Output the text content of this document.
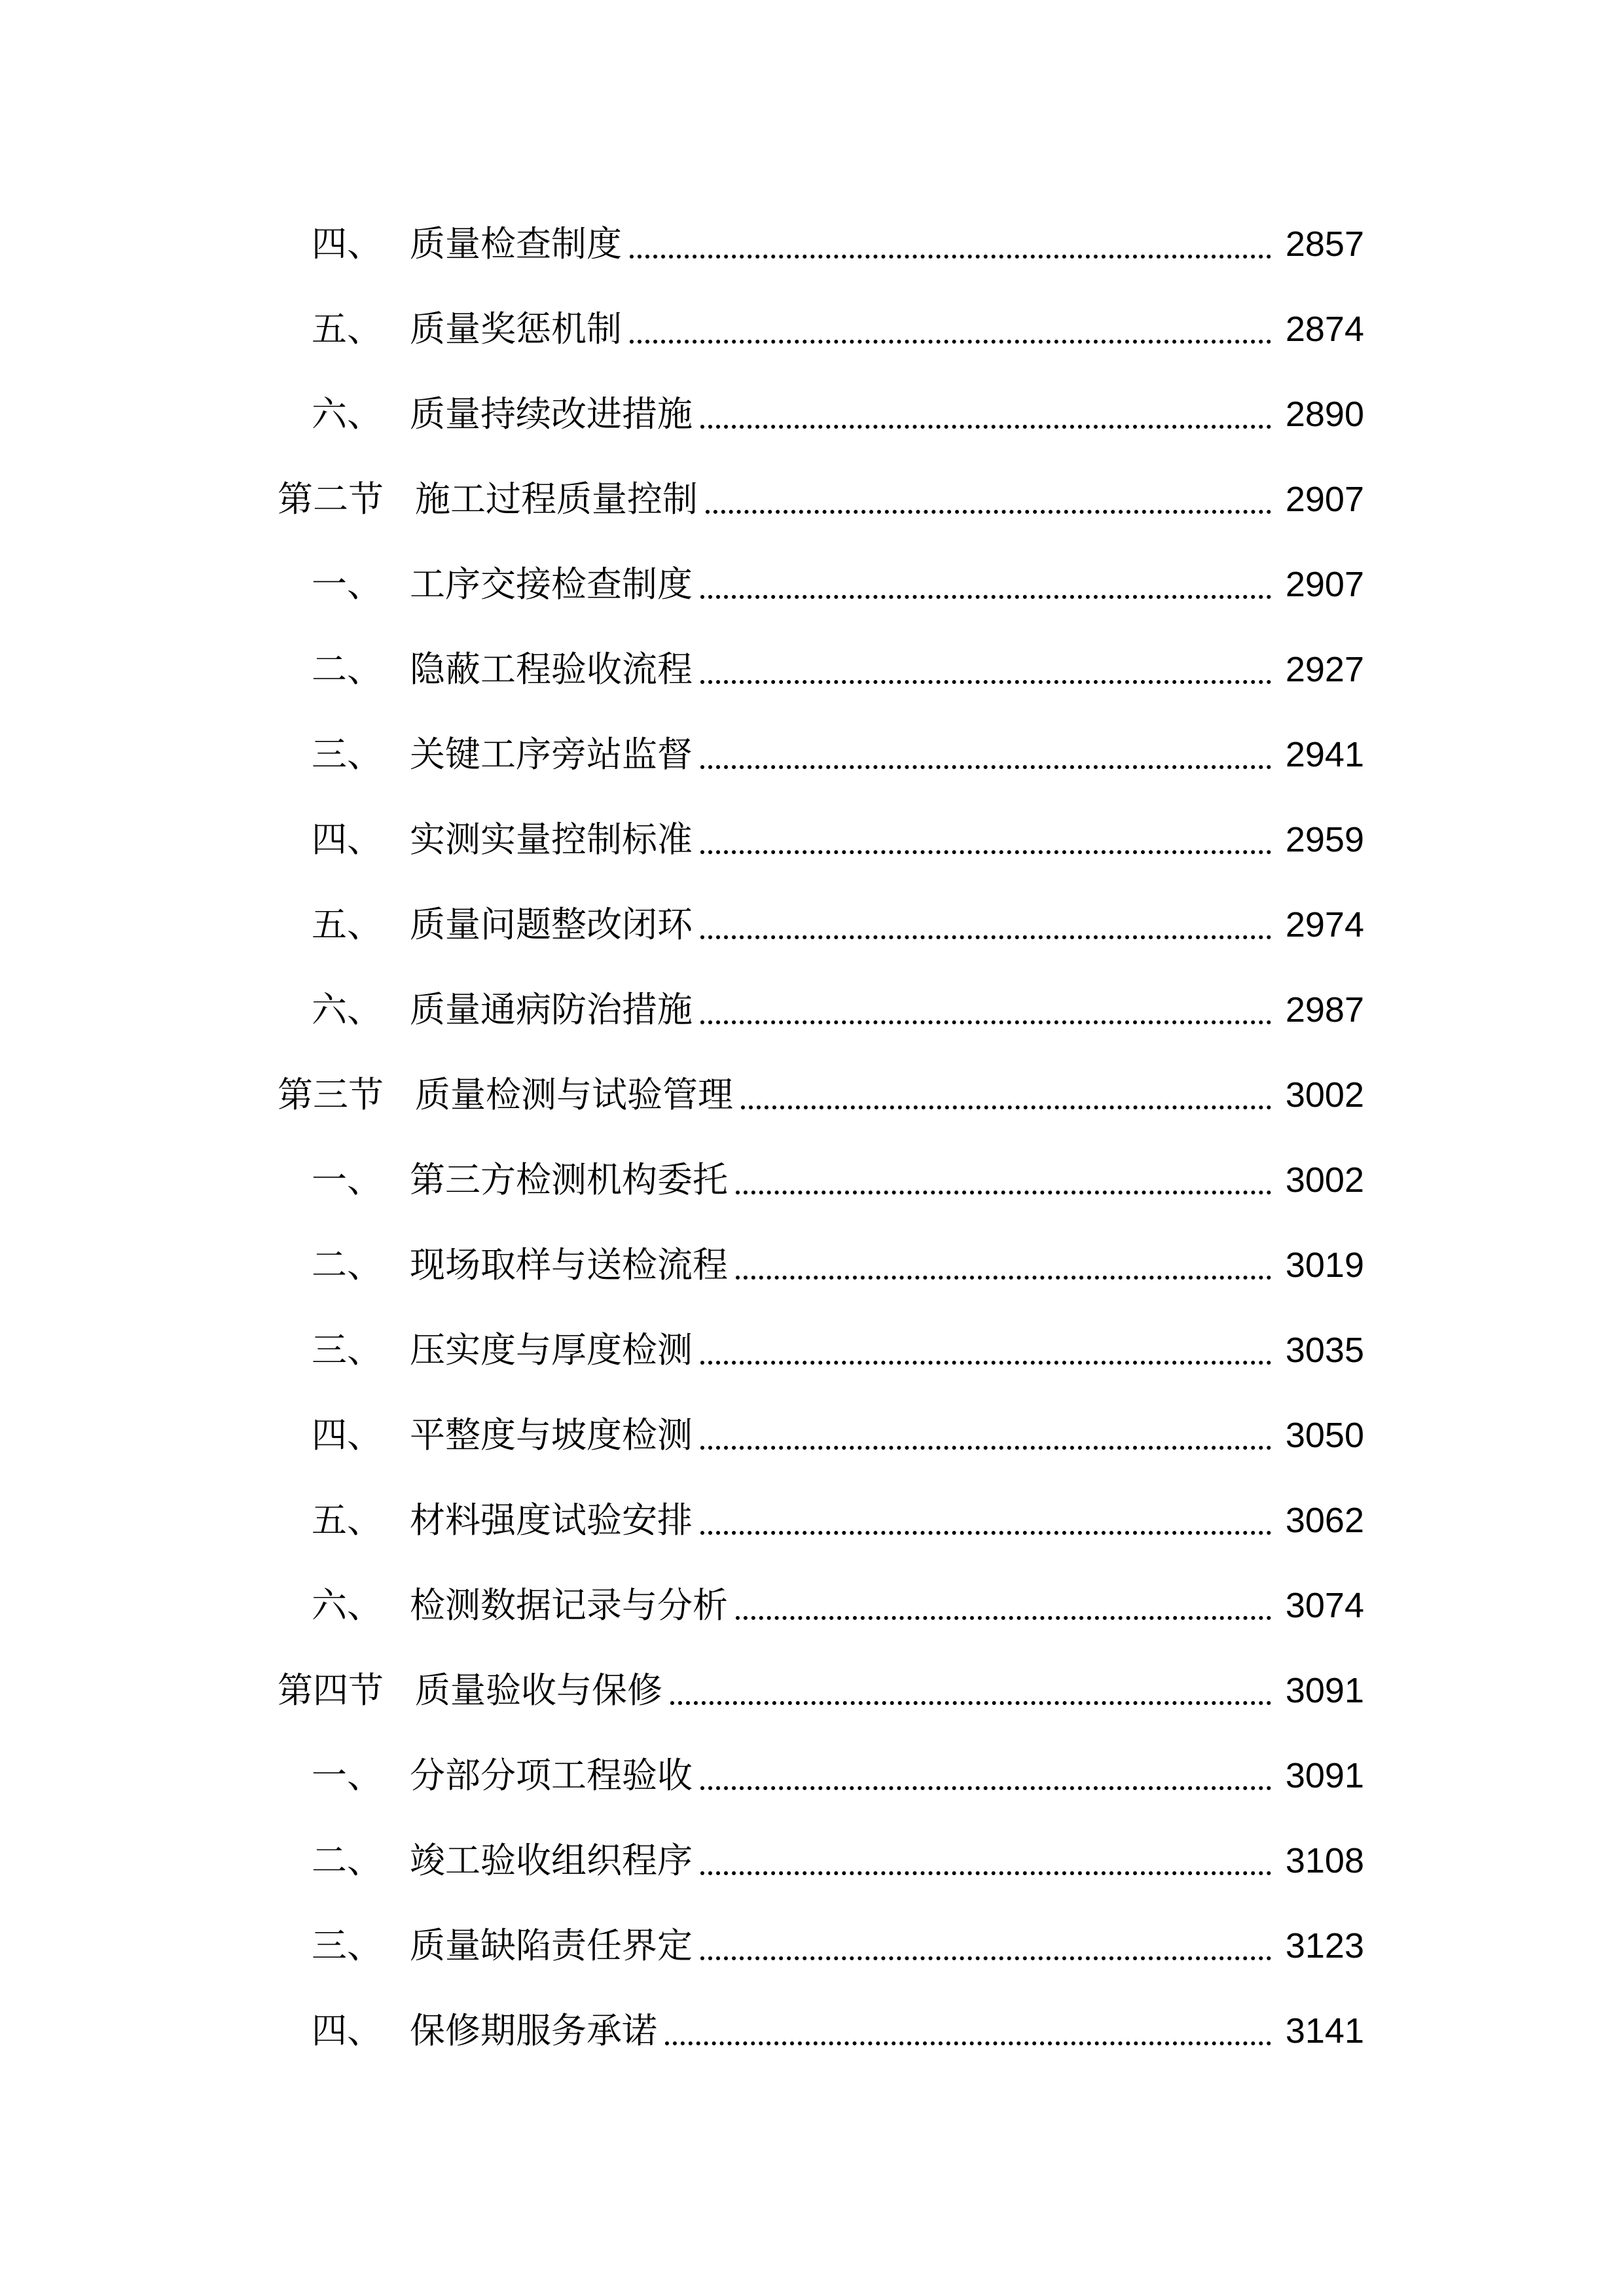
四、 质量检查制度	2857
五、 质量奖惩机制	2874
六、 质量持续改进措施	2890
第二节 施工过程质量控制	2907
一、 工序交接检查制度	2907
二、 隐蔽工程验收流程	2927
三、 关键工序旁站监督	2941
四、 实测实量控制标准	2959
五、 质量问题整改闭环	2974
六、 质量通病防治措施	2987
第三节 质量检测与试验管理	3002
一、 第三方检测机构委托	3002
二、 现场取样与送检流程	3019
三、 压实度与厚度检测	3035
四、 平整度与坡度检测	3050
五、 材料强度试验安排	3062
六、 检测数据记录与分析	3074
第四节 质量验收与保修	3091
一、 分部分项工程验收	3091
二、 竣工验收组织程序	3108
三、 质量缺陷责任界定	3123
四、 保修期服务承诺	3141
